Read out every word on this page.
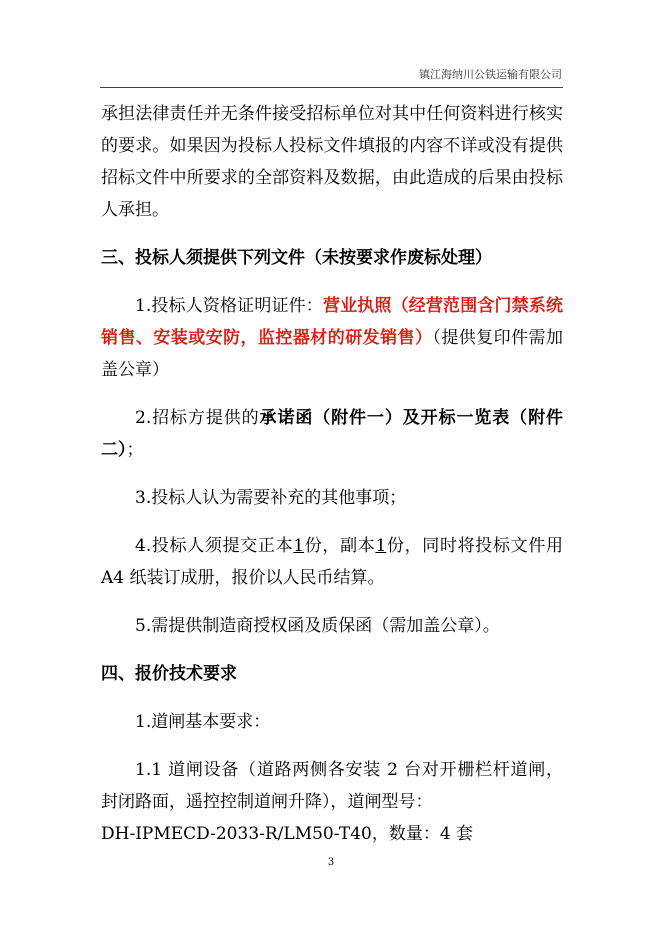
镇江海纳川公铁运输有限公司

承担法律责任并无条件接受招标单位对其中任何资料进行核实的要求。如果因为投标人投标文件填报的内容不详或没有提供招标文件中所要求的全部资料及数据，由此造成的后果由投标人承担。

三、投标人须提供下列文件（未按要求作废标处理）

1.投标人资格证明证件：营业执照（经营范围含门禁系统销售、安装或安防，监控器材的研发销售）（提供复印件需加盖公章）

2.招标方提供的承诺函（附件一）及开标一览表（附件二）；

3.投标人认为需要补充的其他事项；

4.投标人须提交正本1份，副本1份，同时将投标文件用 A4 纸装订成册，报价以人民币结算。

5.需提供制造商授权函及质保函（需加盖公章）。

四、报价技术要求

1.道闸基本要求：

1.1 道闸设备（道路两侧各安装 2 台对开栅栏杆道闸，封闭路面，遥控控制道闸升降），道闸型号：

DH-IPMECD-2033-R/LM50-T40，数量：4 套

3
